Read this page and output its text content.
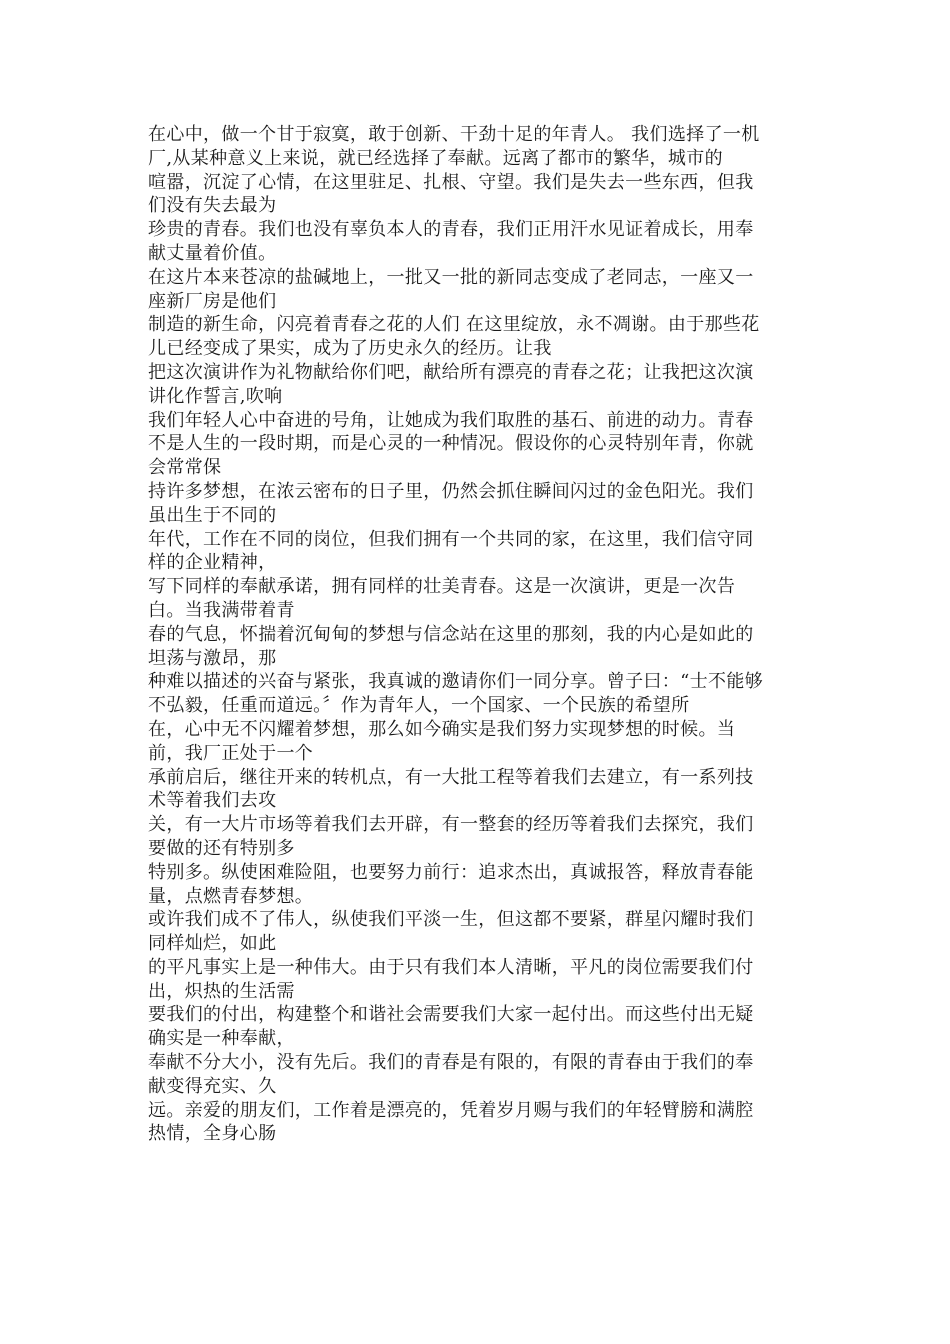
在心中，做一个甘于寂寞，敢于创新、干劲十足的年青人。 我们选择了一机
厂,从某种意义上来说，就已经选择了奉献。远离了都市的繁华，城市的
喧嚣，沉淀了心情，在这里驻足、扎根、守望。我们是失去一些东西，但我
们没有失去最为
珍贵的青春。我们也没有辜负本人的青春，我们正用汗水见证着成长，用奉
献丈量着价值。
在这片本来苍凉的盐碱地上，一批又一批的新同志变成了老同志，一座又一
座新厂房是他们
制造的新生命，闪亮着青春之花的人们 在这里绽放，永不凋谢。由于那些花
儿已经变成了果实，成为了历史永久的经历。让我
把这次演讲作为礼物献给你们吧，献给所有漂亮的青春之花；让我把这次演
讲化作誓言,吹响
我们年轻人心中奋进的号角，让她成为我们取胜的基石、前进的动力。青春
不是人生的一段时期，而是心灵的一种情况。假设你的心灵特别年青，你就
会常常保
持许多梦想，在浓云密布的日子里，仍然会抓住瞬间闪过的金色阳光。我们
虽出生于不同的
年代，工作在不同的岗位，但我们拥有一个共同的家，在这里，我们信守同
样的企业精神，
写下同样的奉献承诺，拥有同样的壮美青春。这是一次演讲，更是一次告
白。当我满带着青
春的气息，怀揣着沉甸甸的梦想与信念站在这里的那刻，我的内心是如此的
坦荡与激昂，那
种难以描述的兴奋与紧张，我真诚的邀请你们一同分享。曾子曰：“士不能够
不弘毅，任重而道远。〞作为青年人，一个国家、一个民族的希望所
在，心中无不闪耀着梦想，那么如今确实是我们努力实现梦想的时候。当
前，我厂正处于一个
承前启后，继往开来的转机点，有一大批工程等着我们去建立，有一系列技
术等着我们去攻
关，有一大片市场等着我们去开辟，有一整套的经历等着我们去探究，我们
要做的还有特别多
特别多。纵使困难险阻，也要努力前行：追求杰出，真诚报答，释放青春能
量，点燃青春梦想。
或许我们成不了伟人，纵使我们平淡一生，但这都不要紧，群星闪耀时我们
同样灿烂，如此
的平凡事实上是一种伟大。由于只有我们本人清晰，平凡的岗位需要我们付
出，炽热的生活需
要我们的付出，构建整个和谐社会需要我们大家一起付出。而这些付出无疑
确实是一种奉献，
奉献不分大小，没有先后。我们的青春是有限的，有限的青春由于我们的奉
献变得充实、久
远。亲爱的朋友们，工作着是漂亮的，凭着岁月赐与我们的年轻臂膀和满腔
热情，全身心肠
